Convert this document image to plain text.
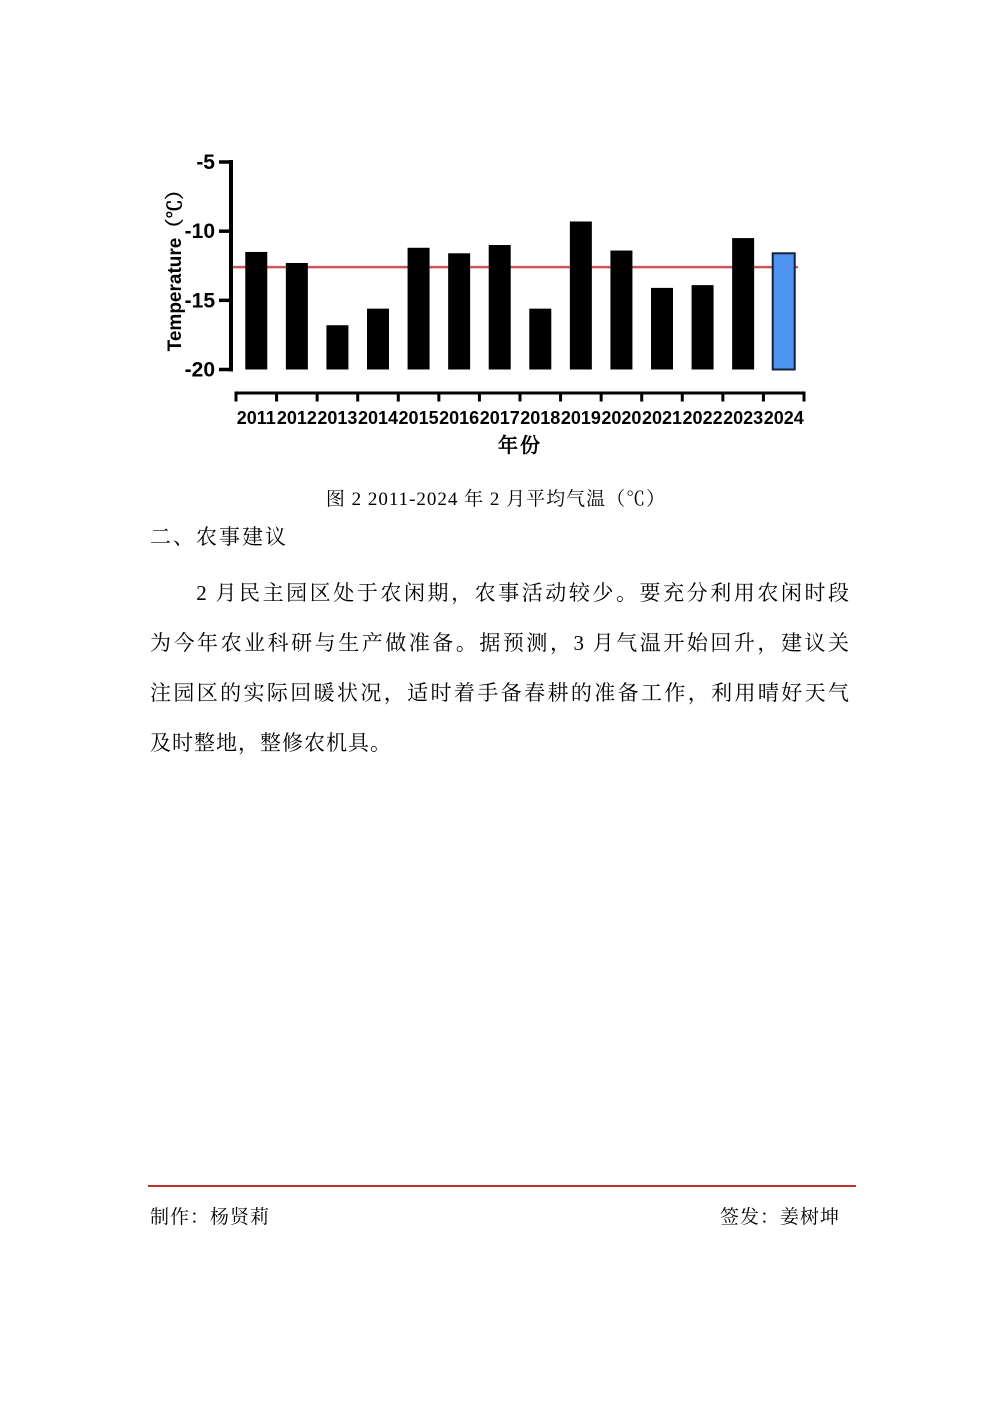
-5
-10
-15
-20
Temperature（℃）
2011 2012 2013 2014 2015 2016 2017 2018 2019 2020 2021 2022 2023 2024
年份
图 2 2011-2024 年 2 月平均气温（℃）
二、农事建议
2 月民主园区处于农闲期，农事活动较少。要充分利用农闲时段
为今年农业科研与生产做准备。据预测，3 月气温开始回升，建议关
注园区的实际回暖状况，适时着手备春耕的准备工作，利用晴好天气
及时整地，整修农机具。
制作：杨贤莉	签发：姜树坤
